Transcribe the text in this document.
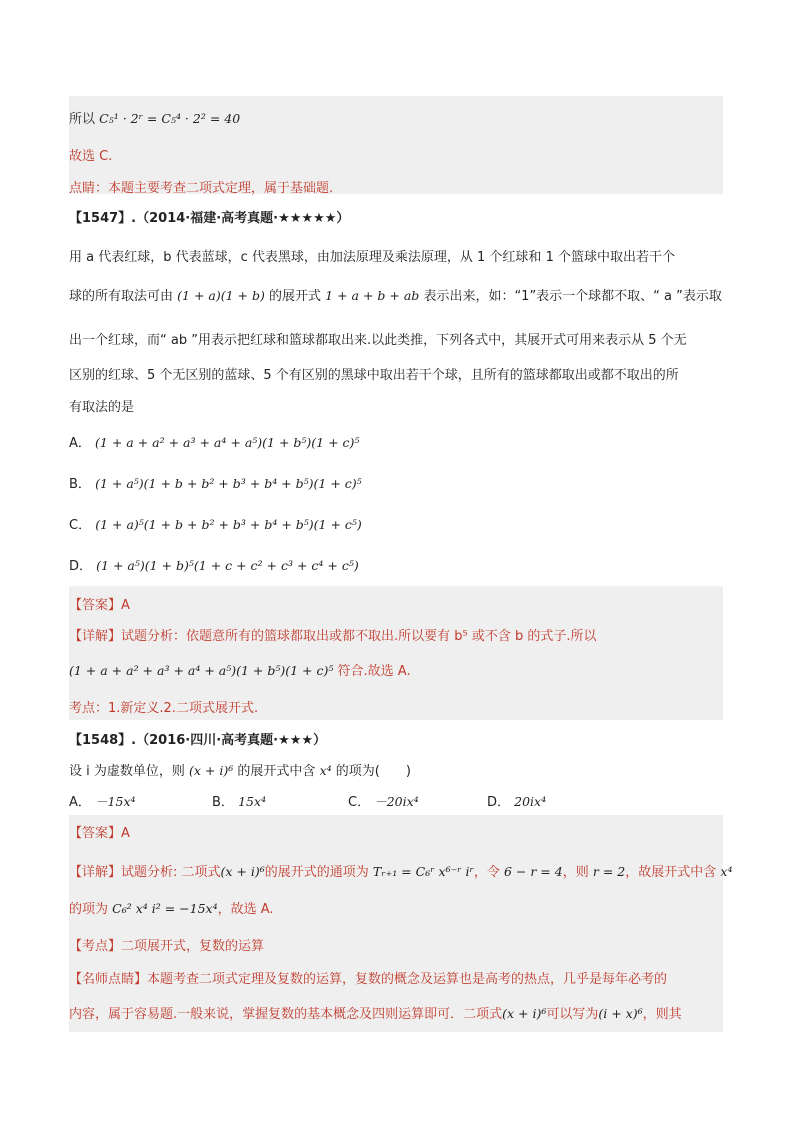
所以 C₅¹ · 2ʳ = C₅⁴ · 2² = 40
故选 C.
点睛：本题主要考查二项式定理，属于基础题.
【1547】.（2014·福建·高考真题·★★★★★）
用 a 代表红球，b 代表蓝球，c 代表黑球，由加法原理及乘法原理，从 1 个红球和 1 个篮球中取出若干个
球的所有取法可由 (1 + a)(1 + b) 的展开式 1 + a + b + ab 表示出来，如：“1”表示一个球都不取、“ a ”表示取
出一个红球，而“ ab ”用表示把红球和篮球都取出来.以此类推，下列各式中，其展开式可用来表示从 5 个无
区别的红球、5 个无区别的蓝球、5 个有区别的黑球中取出若干个球，且所有的篮球都取出或都不取出的所
有取法的是
A． (1 + a + a² + a³ + a⁴ + a⁵)(1 + b⁵)(1 + c)⁵
B． (1 + a⁵)(1 + b + b² + b³ + b⁴ + b⁵)(1 + c)⁵
C． (1 + a)⁵(1 + b + b² + b³ + b⁴ + b⁵)(1 + c⁵)
D． (1 + a⁵)(1 + b)⁵(1 + c + c² + c³ + c⁴ + c⁵)
【答案】A
【详解】试题分析：依题意所有的篮球都取出或都不取出.所以要有 b⁵ 或不含 b 的式子.所以
(1 + a + a² + a³ + a⁴ + a⁵)(1 + b⁵)(1 + c)⁵ 符合.故选 A.
考点：1.新定义.2.二项式展开式.
【1548】.（2016·四川·高考真题·★★★）
设 i 为虚数单位，则 (x + i)⁶ 的展开式中含 x⁴ 的项为(　　)
A． －15x⁴	B． 15x⁴	C． －20ix⁴	D． 20ix⁴
【答案】A
【详解】试题分析: 二项式(x + i)⁶的展开式的通项为 Tᵣ₊₁ = C₆ʳ x⁶⁻ʳ iʳ，令 6 − r = 4，则 r = 2，故展开式中含 x⁴
的项为 C₆² x⁴ i² = −15x⁴，故选 A.
【考点】二项展开式，复数的运算
【名师点睛】本题考查二项式定理及复数的运算，复数的概念及运算也是高考的热点，几乎是每年必考的
内容，属于容易题.一般来说，掌握复数的基本概念及四则运算即可．二项式(x + i)⁶可以写为(i + x)⁶，则其
